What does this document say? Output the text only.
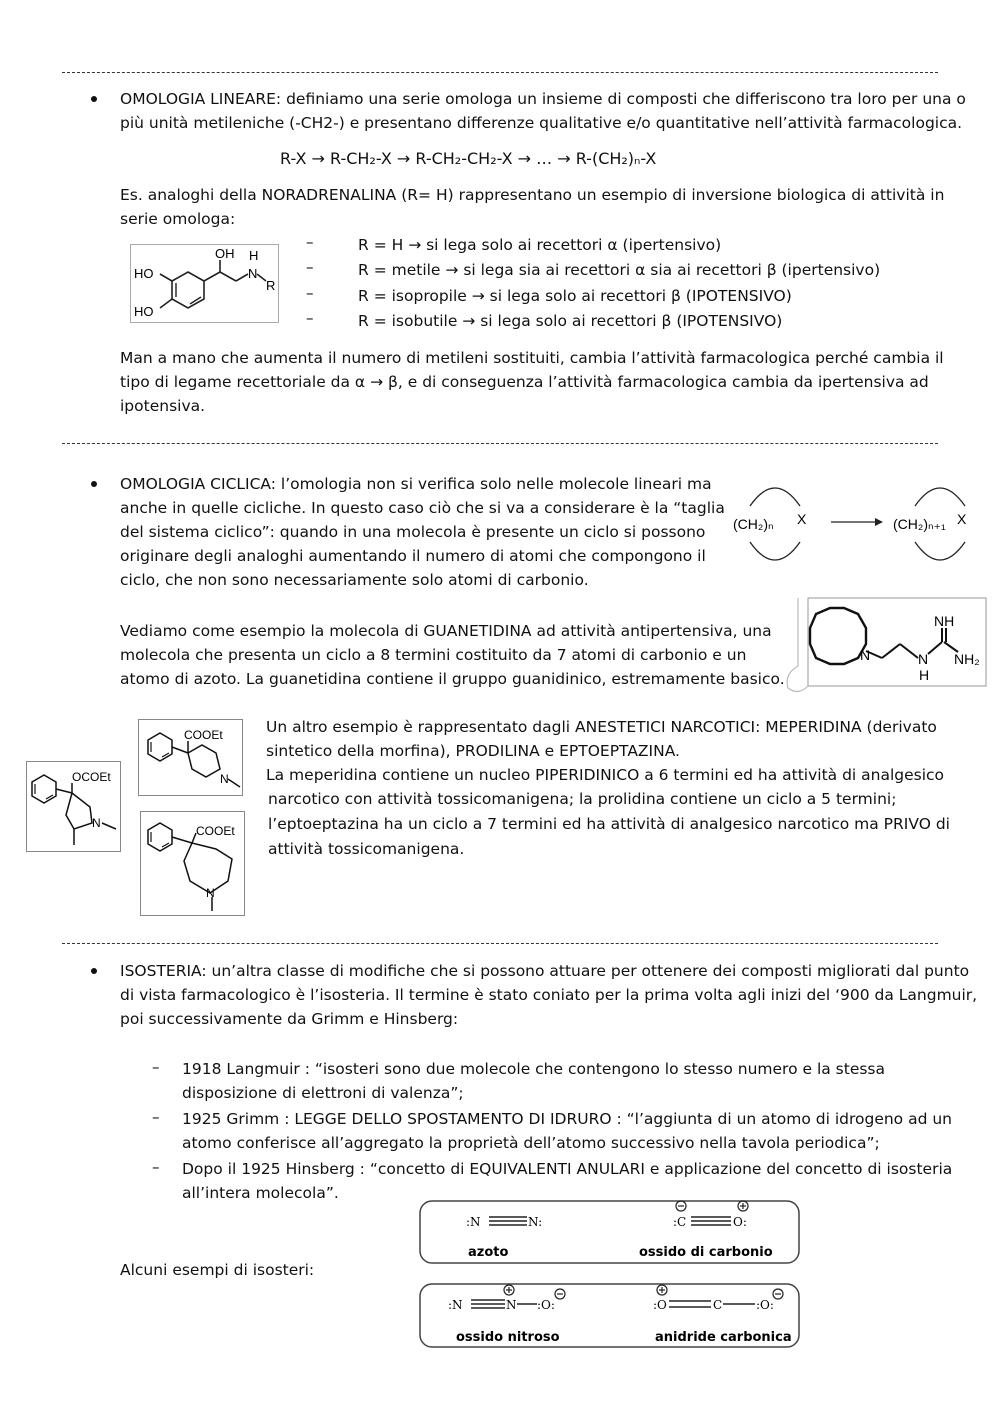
OMOLOGIA LINEARE: definiamo una serie omologa un insieme di composti che differiscono tra loro per una o
più unità metileniche (-CH2-) e presentano differenze qualitative e/o quantitative nell’attività farmacologica.
R-X → R-CH₂-X → R-CH₂-CH₂-X → … → R-(CH₂)ₙ-X
Es. analoghi della NORADRENALINA (R= H) rappresentano un esempio di inversione biologica di attività in
serie omologa:
OH H
N
R
HO
HO
–	R = H → si lega solo ai recettori α (ipertensivo)
–	R = metile → si lega sia ai recettori α sia ai recettori β (ipertensivo)
–	R = isopropile → si lega solo ai recettori β (IPOTENSIVO)
–	R = isobutile → si lega solo ai recettori β (IPOTENSIVO)
Man a mano che aumenta il numero di metileni sostituiti, cambia l’attività farmacologica perché cambia il
tipo di legame recettoriale da α → β, e di conseguenza l’attività farmacologica cambia da ipertensiva ad
ipotensiva.
OMOLOGIA CICLICA: l’omologia non si verifica solo nelle molecole lineari ma
anche in quelle cicliche. In questo caso ciò che si va a considerare è la “taglia
del sistema ciclico”: quando in una molecola è presente un ciclo si possono
originare degli analoghi aumentando il numero di atomi che compongono il
ciclo, che non sono necessariamente solo atomi di carbonio.
(CH₂)ₙ X	(CH₂)ₙ₊₁ X
Vediamo come esempio la molecola di GUANETIDINA ad attività antipertensiva, una
molecola che presenta un ciclo a 8 termini costituito da 7 atomi di carbonio e un
atomo di azoto. La guanetidina contiene il gruppo guanidinico, estremamente basico.
N	N
H
NH
NH₂
COOEt
N
OCOEt
N
COOEt
N
Un altro esempio è rappresentato dagli ANESTETICI NARCOTICI: MEPERIDINA (derivato
sintetico della morfina), PRODILINA e EPTOEPTAZINA.
La meperidina contiene un nucleo PIPERIDINICO a 6 termini ed ha attività di analgesico
narcotico con attività tossicomanigena; la prolidina contiene un ciclo a 5 termini;
l’eptoeptazina ha un ciclo a 7 termini ed ha attività di analgesico narcotico ma PRIVO di
attività tossicomanigena.
ISOSTERIA: un’altra classe di modifiche che si possono attuare per ottenere dei composti migliorati dal punto
di vista farmacologico è l’isosteria. Il termine è stato coniato per la prima volta agli inizi del ‘900 da Langmuir,
poi successivamente da Grimm e Hinsberg:
– 1918 Langmuir : “isosteri sono due molecole che contengono lo stesso numero e la stessa
disposizione di elettroni di valenza”;
– 1925 Grimm : LEGGE DELLO SPOSTAMENTO DI IDRURO : “l’aggiunta di un atomo di idrogeno ad un
atomo conferisce all’aggregato la proprietà dell’atomo successivo nella tavola periodica”;
– Dopo il 1925 Hinsberg : “concetto di EQUIVALENTI ANULARI e applicazione del concetto di isosteria
all’intera molecola”.
Alcuni esempi di isosteri:
:N	N:	:C	O:
azoto	ossido di carbonio
:N	N :O:	:O	C	:O:
ossido nitroso	anidride carbonica
